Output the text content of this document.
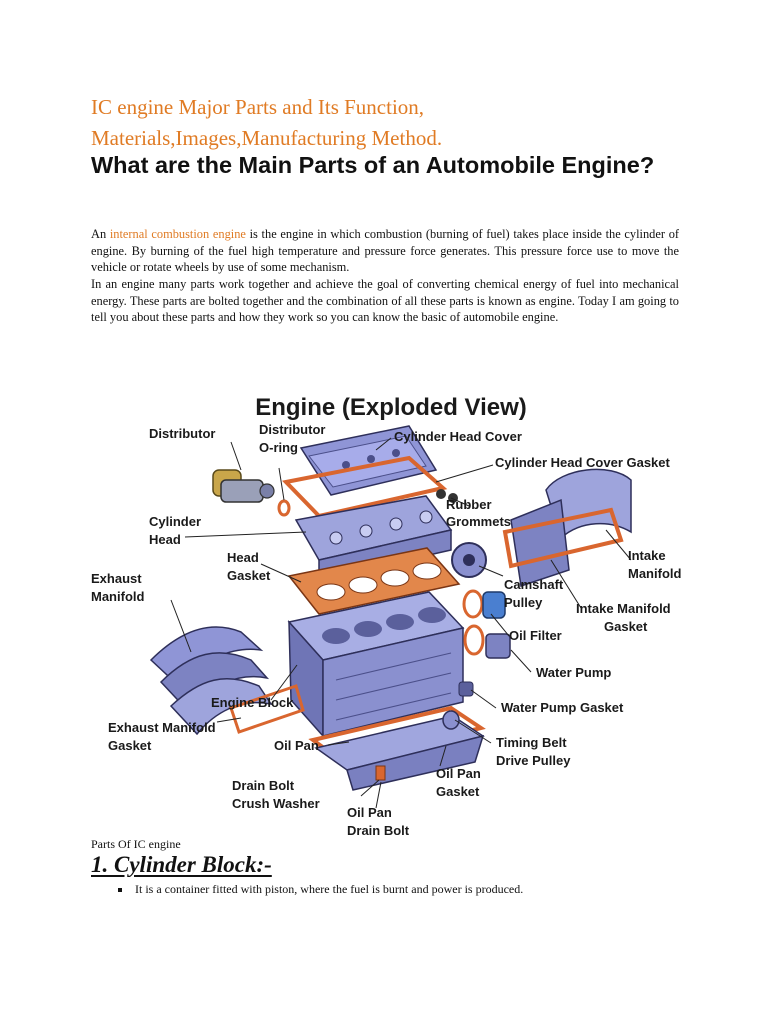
IC engine Major Parts and Its Function,
Materials,Images,Manufacturing Method.
What are the Main Parts of an Automobile Engine?
An internal combustion engine is the engine in which combustion (burning of fuel) takes place inside the cylinder of engine. By burning of the fuel high temperature and pressure force generates. This pressure force use to move the vehicle or rotate wheels by use of some mechanism.
In an engine many parts work together and achieve the goal of converting chemical energy of fuel into mechanical energy. These parts are bolted together and the combination of all these parts is known as engine. Today I am going to tell you about these parts and how they work so you can know the basic of automobile engine.
Engine (Exploded View)
Distributor	Distributor
O-ring
Cylinder Head Cover
Cylinder Head Cover Gasket
Rubber
Grommets
Cylinder
Head
Head
Gasket
Intake
Manifold
Exhaust
Manifold
Camshaft
Pulley	Intake Manifold
Gasket
Oil Filter
Water Pump
Engine Block	Water Pump Gasket
Exhaust Manifold
Gasket	Oil Pan	Timing Belt
Drive Pulley
Drain Bolt
Crush Washer
Oil Pan
Gasket
Oil Pan
Drain Bolt
Parts Of IC engine
1. Cylinder Block:-
It is a container fitted with piston, where the fuel is burnt and power is produced.
